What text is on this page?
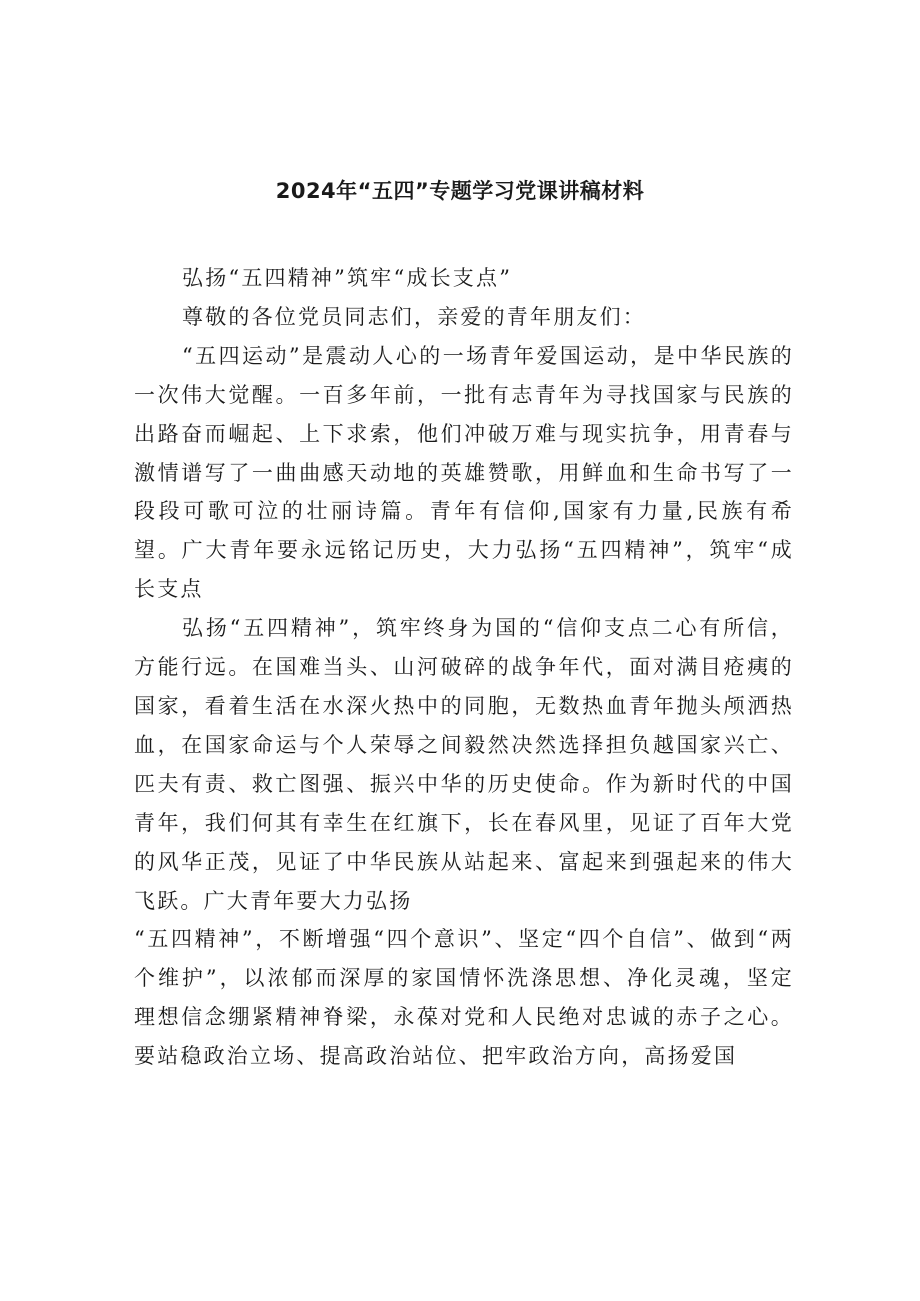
2024年“五四”专题学习党课讲稿材料

弘扬“五四精神”筑牢“成长支点”

尊敬的各位党员同志们，亲爱的青年朋友们：

“五四运动”是震动人心的一场青年爱国运动，是中华民族的一次伟大觉醒。一百多年前，一批有志青年为寻找国家与民族的出路奋而崛起、上下求索，他们冲破万难与现实抗争，用青春与激情谱写了一曲曲感天动地的英雄赞歌，用鲜血和生命书写了一段段可歌可泣的壮丽诗篇。青年有信仰,国家有力量,民族有希望。广大青年要永远铭记历史，大力弘扬“五四精神”，筑牢“成长支点

弘扬“五四精神”，筑牢终身为国的“信仰支点二心有所信，方能行远。在国难当头、山河破碎的战争年代，面对满目疮痍的国家，看着生活在水深火热中的同胞，无数热血青年抛头颅洒热血，在国家命运与个人荣辱之间毅然决然选择担负越国家兴亡、匹夫有责、救亡图强、振兴中华的历史使命。作为新时代的中国青年，我们何其有幸生在红旗下，长在春风里，见证了百年大党的风华正茂，见证了中华民族从站起来、富起来到强起来的伟大飞跃。广大青年要大力弘扬

“五四精神”，不断增强“四个意识”、坚定“四个自信”、做到“两个维护”，以浓郁而深厚的家国情怀洗涤思想、净化灵魂，坚定理想信念绷紧精神脊梁，永葆对党和人民绝对忠诚的赤子之心。要站稳政治立场、提高政治站位、把牢政治方向，高扬爱国
